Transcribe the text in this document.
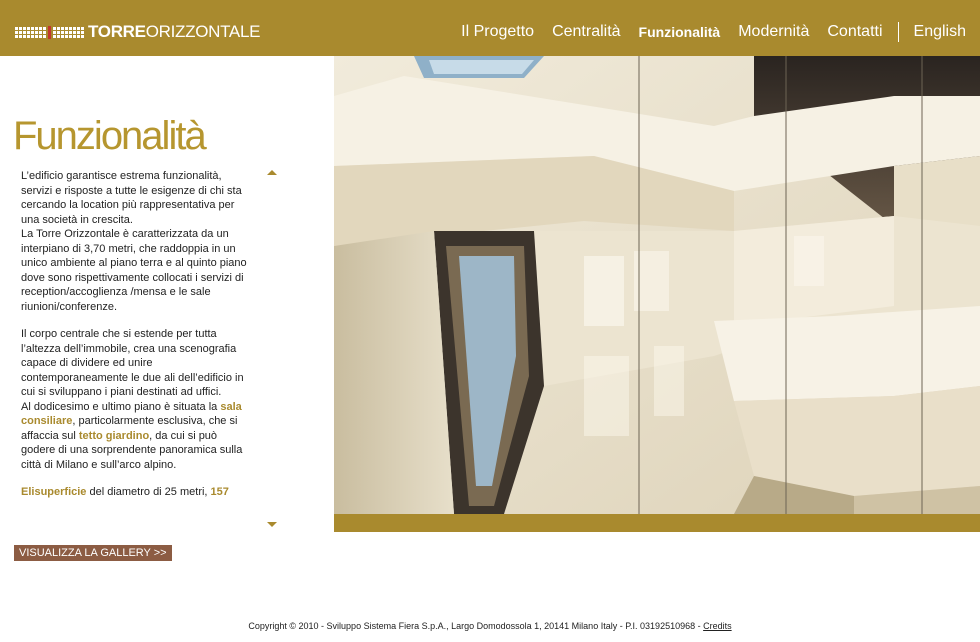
TORREORIZZONTALE	Il Progetto Centralità Funzionalità Modernità Contatti English
Funzionalità

L’edificio garantisce estrema funzionalità, servizi e risposte a tutte le esigenze di chi sta cercando la location più rappresentativa per una società in crescita.
La Torre Orizzontale è caratterizzata da un interpiano di 3,70 metri, che raddoppia in un unico ambiente al piano terra e al quinto piano dove sono rispettivamente collocati i servizi di reception/accoglienza /mensa e le sale riunioni/conferenze.

Il corpo centrale che si estende per tutta l’altezza dell’immobile, crea una scenografia capace di dividere ed unire contemporaneamente le due ali dell’edificio in cui si sviluppano i piani destinati ad uffici.
Al dodicesimo e ultimo piano è situata la sala consiliare, particolarmente esclusiva, che si affaccia sul tetto giardino, da cui si può godere di una sorprendente panoramica sulla città di Milano e sull’arco alpino.

Elisuperficie del diametro di 25 metri, 157

VISUALIZZA LA GALLERY >>
Copyright © 2010 - Sviluppo Sistema Fiera S.p.A., Largo Domodossola 1, 20141 Milano Italy - P.I. 03192510968 - Credits
